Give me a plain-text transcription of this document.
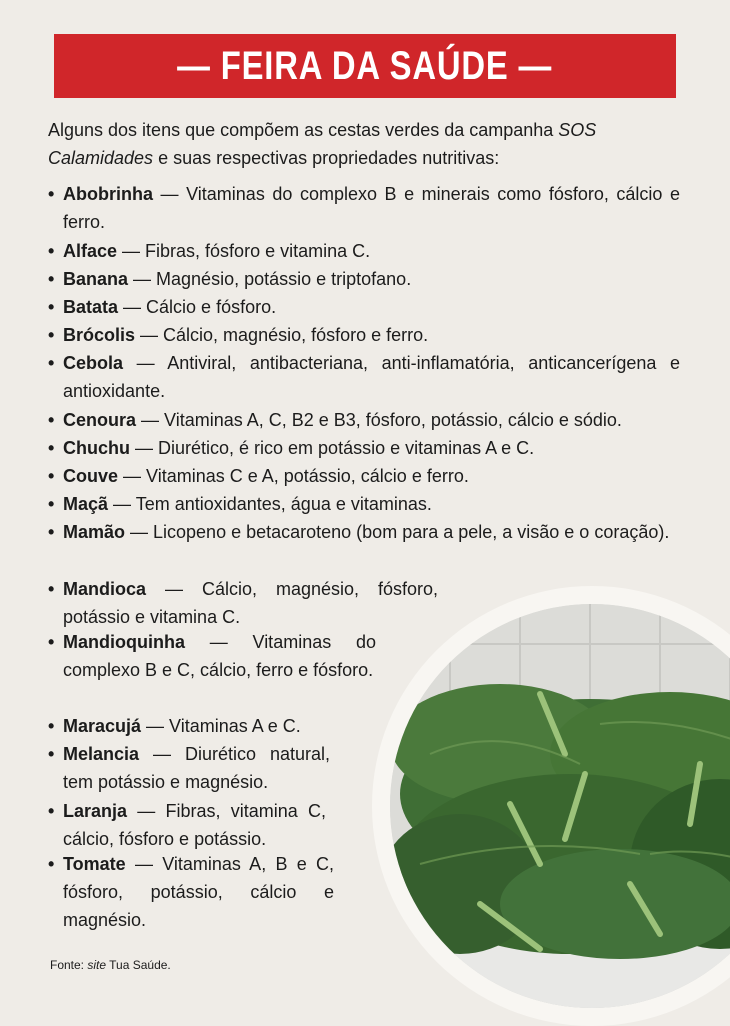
— FEIRA DA SAÚDE —

Alguns dos itens que compõem as cestas verdes da campanha SOS Calamidades e suas respectivas propriedades nutritivas:

• Abobrinha — Vitaminas do complexo B e minerais como fósforo, cálcio e ferro.
• Alface — Fibras, fósforo e vitamina C.
• Banana — Magnésio, potássio e triptofano.
• Batata — Cálcio e fósforo.
• Brócolis — Cálcio, magnésio, fósforo e ferro.
• Cebola — Antiviral, antibacteriana, anti-inflamatória, anticancerígena e antioxidante.
• Cenoura — Vitaminas A, C, B2 e B3, fósforo, potássio, cálcio e sódio.
• Chuchu — Diurético, é rico em potássio e vitaminas A e C.
• Couve — Vitaminas C e A, potássio, cálcio e ferro.
• Maçã — Tem antioxidantes, água e vitaminas.
• Mamão — Licopeno e betacaroteno (bom para a pele, a visão e o coração).
• Mandioca — Cálcio, magnésio, fósforo, potássio e vitamina C.
• Mandioquinha — Vitaminas do complexo B e C, cálcio, ferro e fósforo.
• Maracujá — Vitaminas A e C.
• Melancia — Diurético natural, tem potássio e magnésio.
• Laranja — Fibras, vitamina C, cálcio, fósforo e potássio.
• Tomate — Vitaminas A, B e C, fósforo, potássio, cálcio e magnésio.
Fonte: site Tua Saúde.
